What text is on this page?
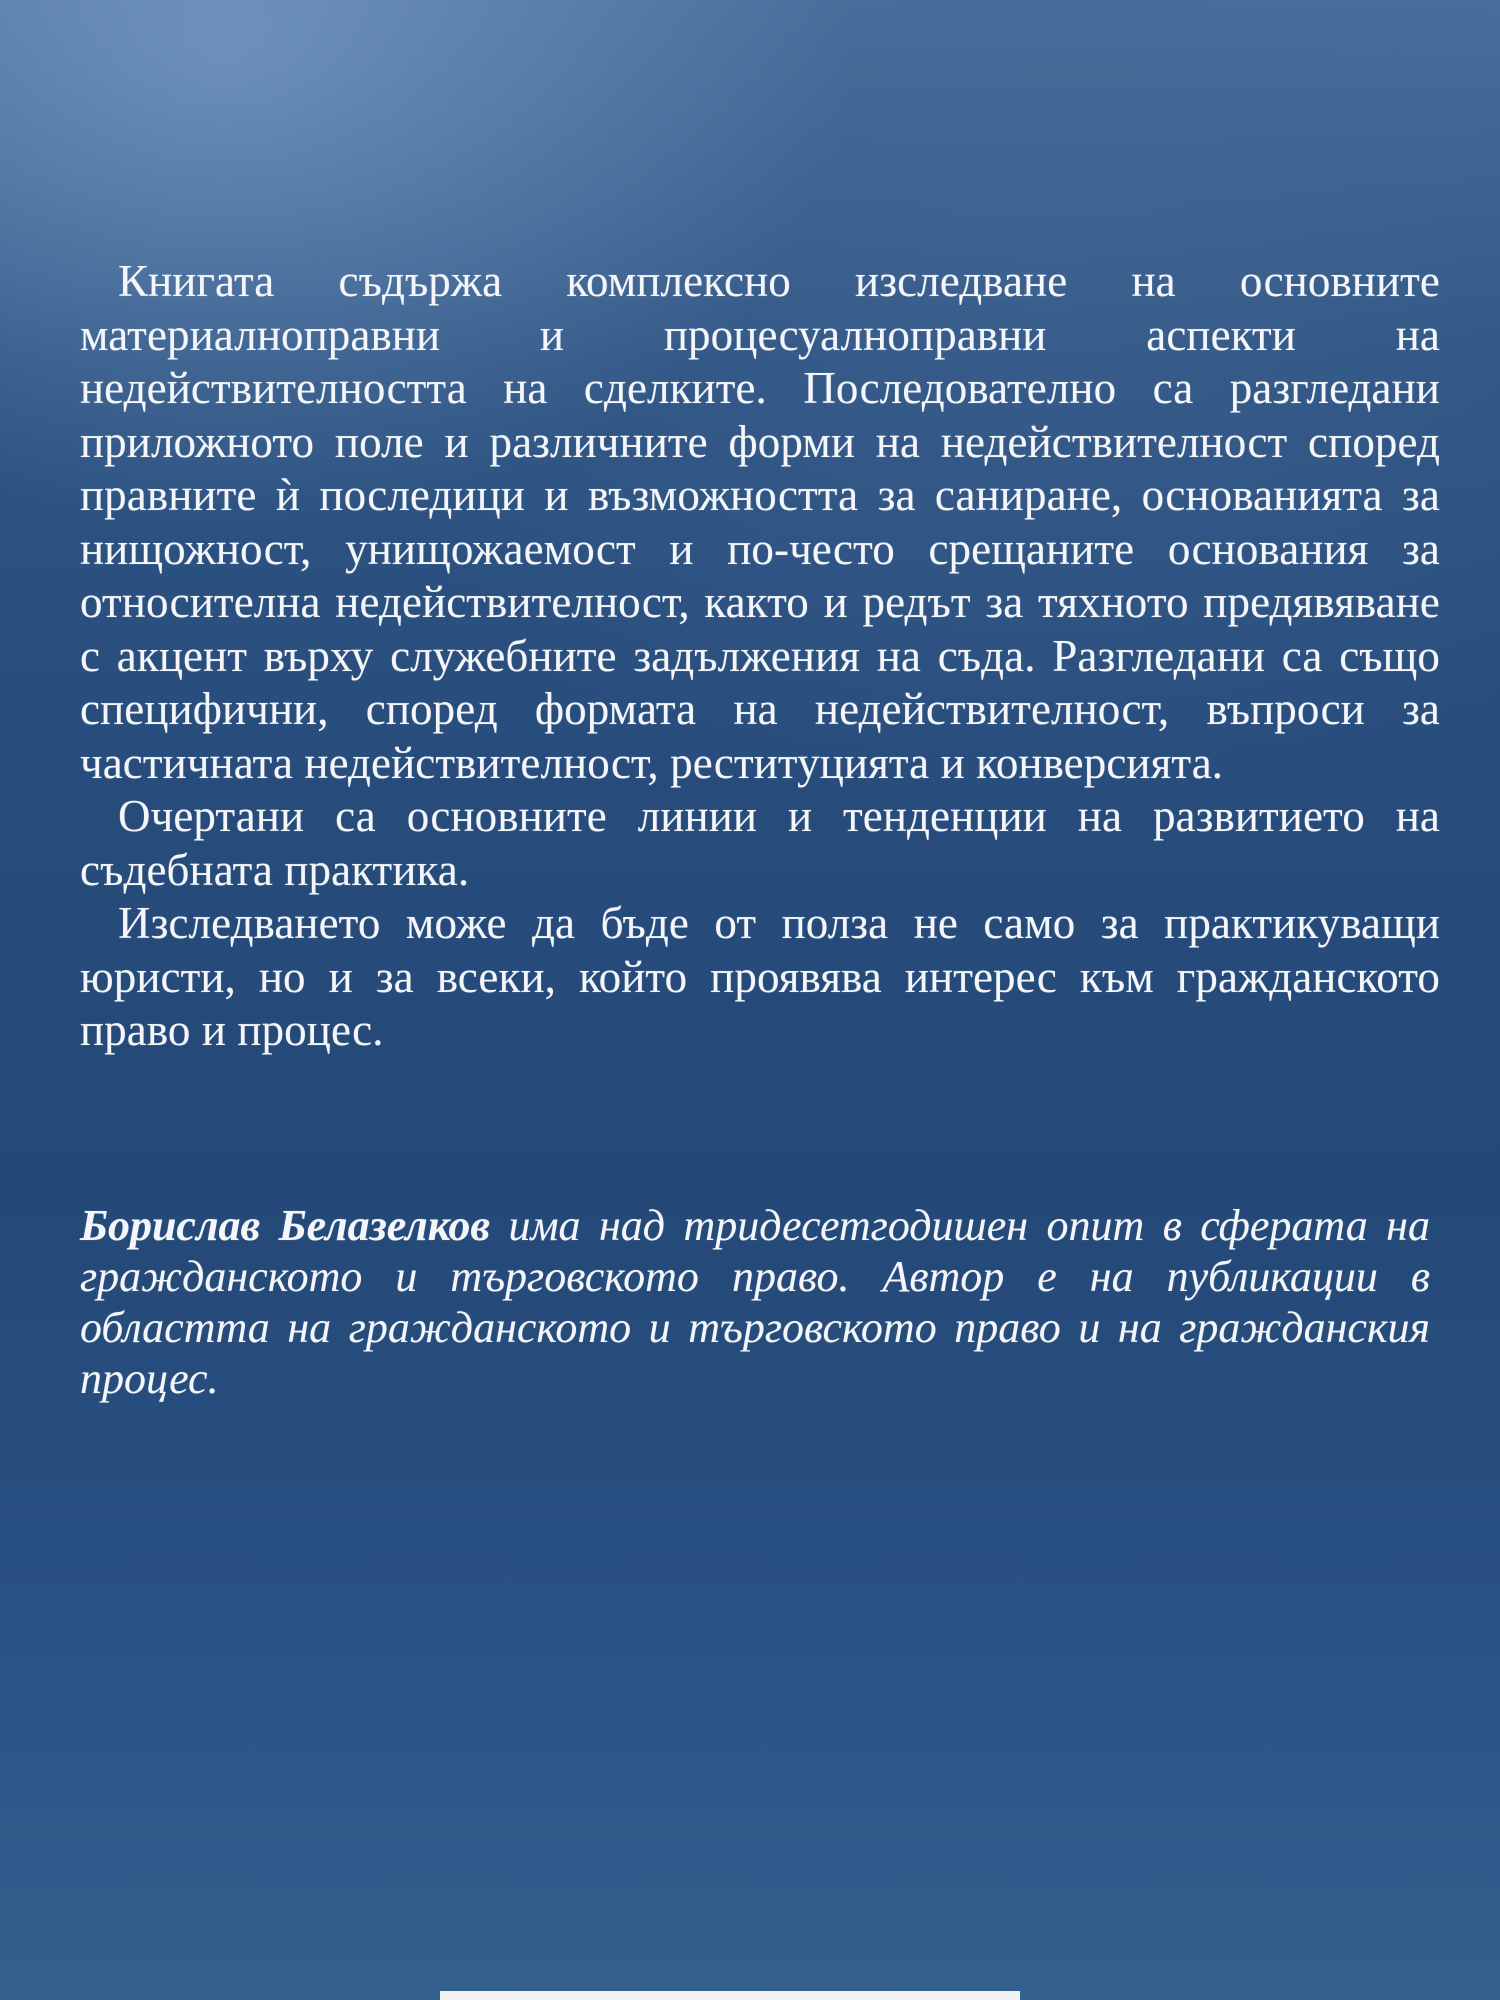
Книгата съдържа комплексно изследване на основните материалноправни и процесуалноправни аспекти на недействителността на сделките. Последователно са разгледани приложното поле и различните форми на недействителност според правните ѝ последици и възможността за саниране, основанията за нищожност, унищожаемост и по-често срещаните основания за относителна недействителност, както и редът за тяхното предявяване с акцент върху служебните задължения на съда. Разгледани са също специфични, според формата на недействителност, въпроси за частичната недействителност, реституцията и конверсията.

Очертани са основните линии и тенденции на развитието на съдебната практика.

Изследването може да бъде от полза не само за практикуващи юристи, но и за всеки, който проявява интерес към гражданското право и процес.

Борислав Белазелков има над тридесетгодишен опит в сферата на гражданското и търговското право. Автор е на публикации в областта на гражданското и търговското право и на гражданския процес.
